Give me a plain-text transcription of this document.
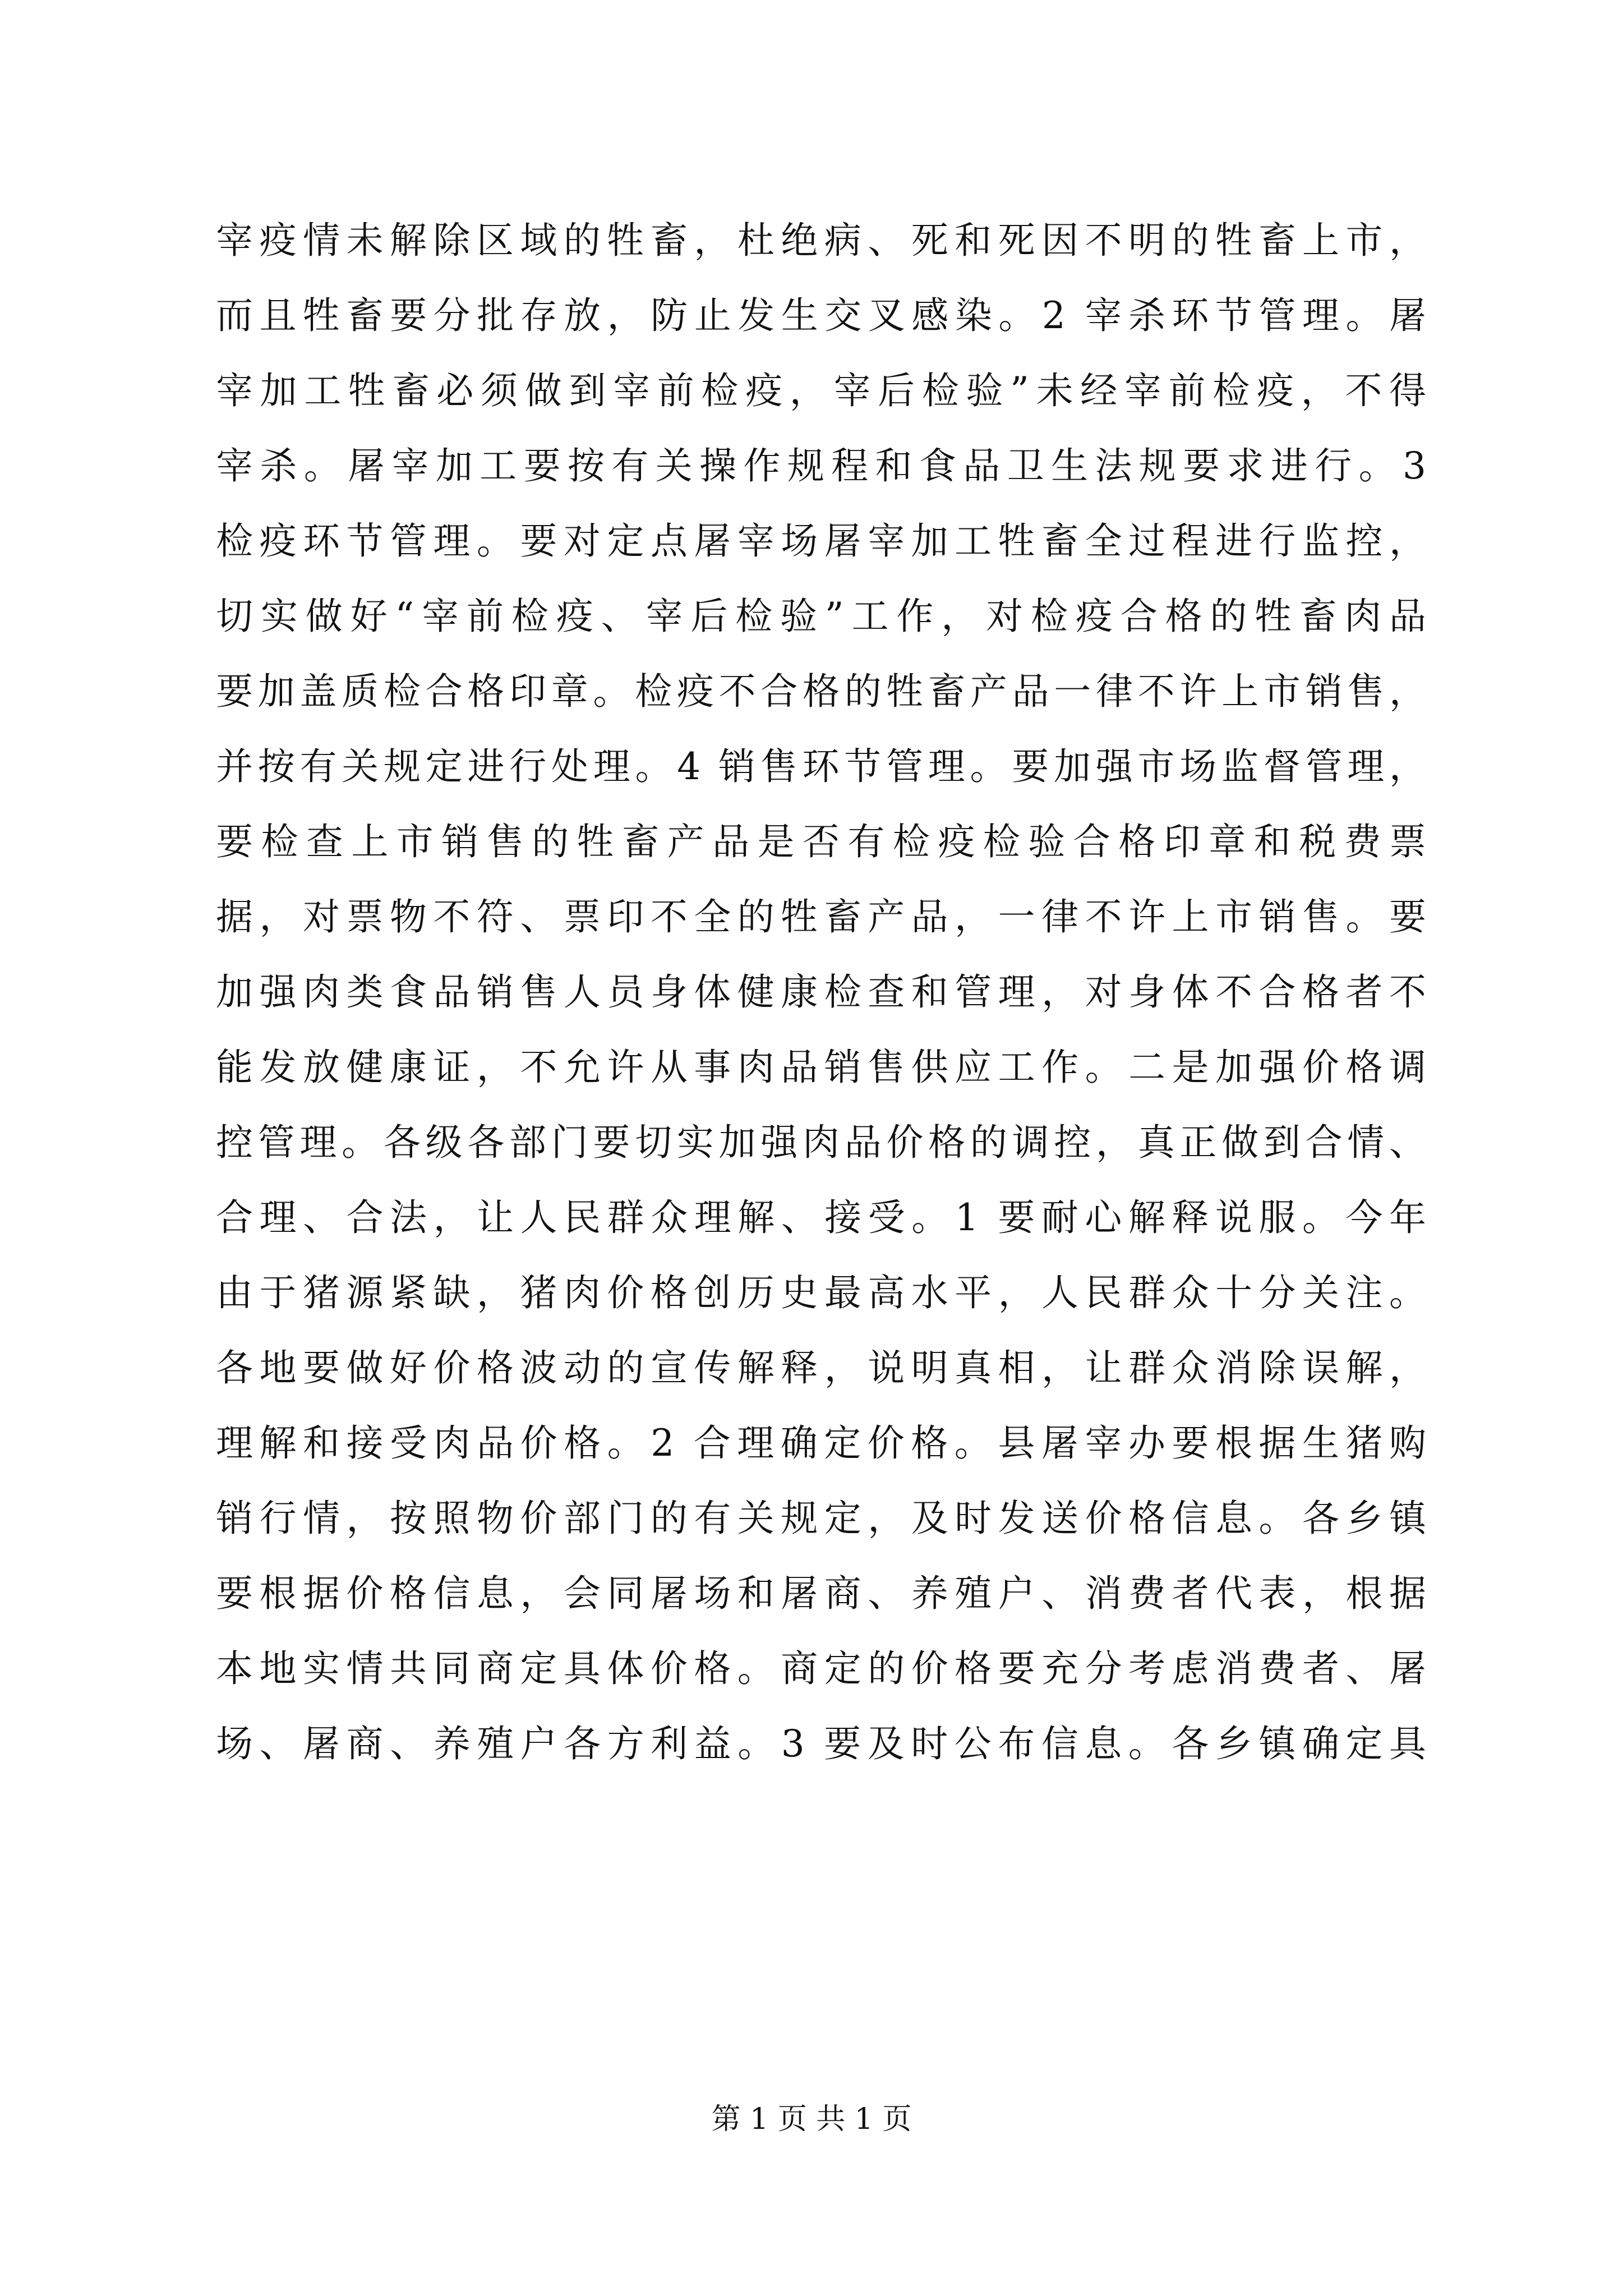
宰疫情未解除区域的牲畜，杜绝病、死和死因不明的牲畜上市，
而且牲畜要分批存放，防止发生交叉感染。2 宰杀环节管理。屠
宰加工牲畜必须做到宰前检疫，宰后检验”未经宰前检疫，不得
宰杀。屠宰加工要按有关操作规程和食品卫生法规要求进行。3
检疫环节管理。要对定点屠宰场屠宰加工牲畜全过程进行监控，
切实做好“宰前检疫、宰后检验”工作，对检疫合格的牲畜肉品
要加盖质检合格印章。检疫不合格的牲畜产品一律不许上市销售，
并按有关规定进行处理。4 销售环节管理。要加强市场监督管理，
要检查上市销售的牲畜产品是否有检疫检验合格印章和税费票
据，对票物不符、票印不全的牲畜产品，一律不许上市销售。要
加强肉类食品销售人员身体健康检查和管理，对身体不合格者不
能发放健康证，不允许从事肉品销售供应工作。二是加强价格调
控管理。各级各部门要切实加强肉品价格的调控，真正做到合情、
合理、合法，让人民群众理解、接受。1 要耐心解释说服。今年
由于猪源紧缺，猪肉价格创历史最高水平，人民群众十分关注。
各地要做好价格波动的宣传解释，说明真相，让群众消除误解，
理解和接受肉品价格。2 合理确定价格。县屠宰办要根据生猪购
销行情，按照物价部门的有关规定，及时发送价格信息。各乡镇
要根据价格信息，会同屠场和屠商、养殖户、消费者代表，根据
本地实情共同商定具体价格。商定的价格要充分考虑消费者、屠
场、屠商、养殖户各方利益。3 要及时公布信息。各乡镇确定具
第 1 页 共 1 页
